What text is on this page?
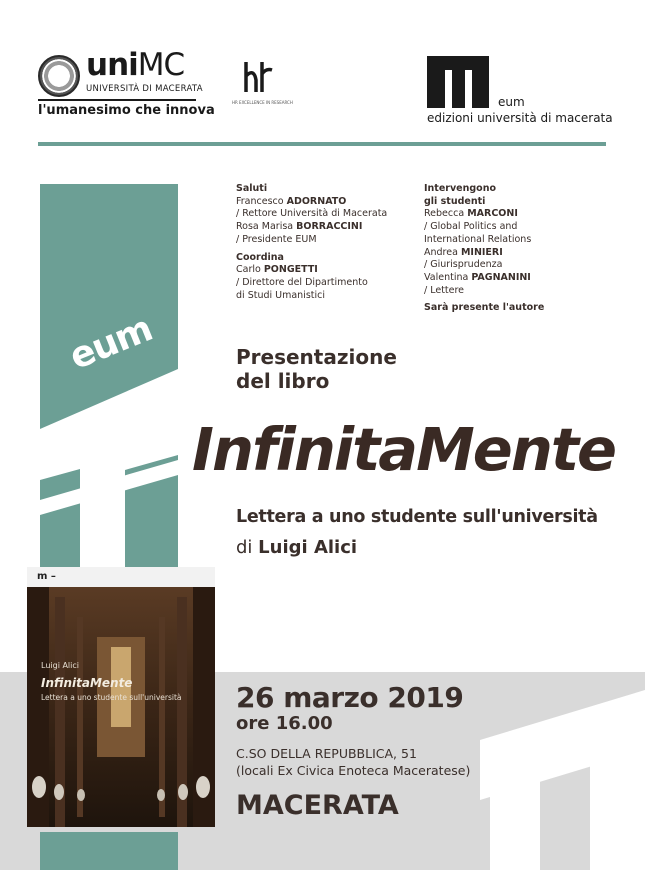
uniMC
UNIVERSITÀ DI MACERATA
l'umanesimo che innova
HR EXCELLENCE IN RESEARCH	eum
edizioni università di macerata
eum
Saluti
Francesco ADORNATO
/ Rettore Università di Macerata
Rosa Marisa BORRACCINI
/ Presidente EUM
Coordina
Carlo PONGETTI
/ Direttore del Dipartimento
di Studi Umanistici
Intervengono
gli studenti
Rebecca MARCONI
/ Global Politics and
International Relations
Andrea MINIERI
/ Giurisprudenza
Valentina PAGNANINI
/ Lettere
Sarà presente l'autore
Presentazione
del libro
InfinitaMente
Lettera a uno studente sull'università
di Luigi Alici
m –
Luigi Alici
InfinitaMente
Lettera a uno studente sull'università 26 marzo 2019
ore 16.00
C.SO DELLA REPUBBLICA, 51
(locali Ex Civica Enoteca Maceratese)
MACERATA
